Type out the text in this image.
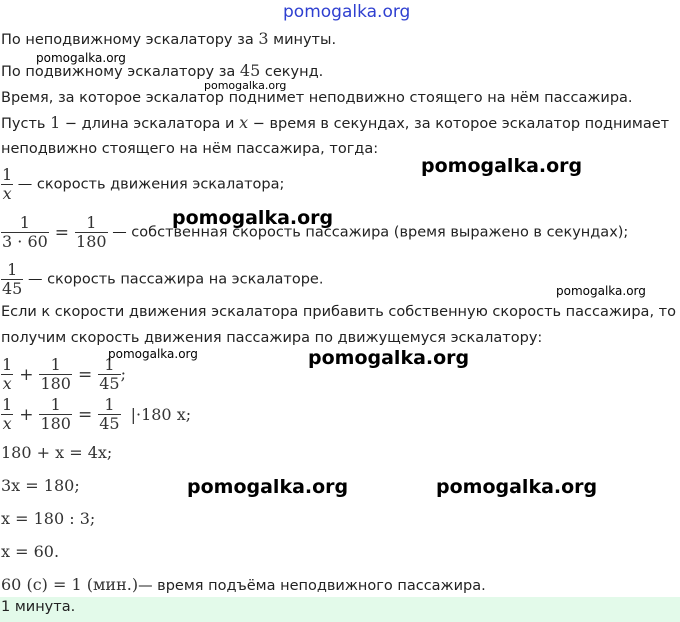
pomogalka.org
По неподвижному эскалатору за 3 минуты.
По подвижному эскалатору за 45 секунд.
Время, за которое эскалатор поднимет неподвижно стоящего на нём пассажира.
Пусть 1 − длина эскалатора и x − время в секундах, за которое эскалатор поднимает
неподвижно стоящего на нём пассажира, тогда:
$\frac{1}{x}$ — скорость движения эскалатора;
$\frac{1}{3 \cdot 60} = \frac{1}{180}$ — собственная скорость пассажира (время выражено в секундах);
$\frac{1}{45}$ — скорость пассажира на эскалаторе.
Если к скорости движения эскалатора прибавить собственную скорость пассажира, то
получим скорость движения пассажира по движущемуся эскалатору:
$\frac{1}{x} + \frac{1}{180} = \frac{1}{45}$ ;
$\frac{1}{x} + \frac{1}{180} = \frac{1}{45} |\cdot 180$ x;
180 + x = 4x;
3x = 180;
x = 180 : 3;
x = 60.
60 (с) = 1 (мин.)— время подъёма неподвижного пассажира.
1 минута.
pomogalka.org
pomogalka.org
pomogalka.org
pomogalka.org
pomogalka.org
pomogalka.org	pomogalka.org
pomogalka.org	pomogalka.org
